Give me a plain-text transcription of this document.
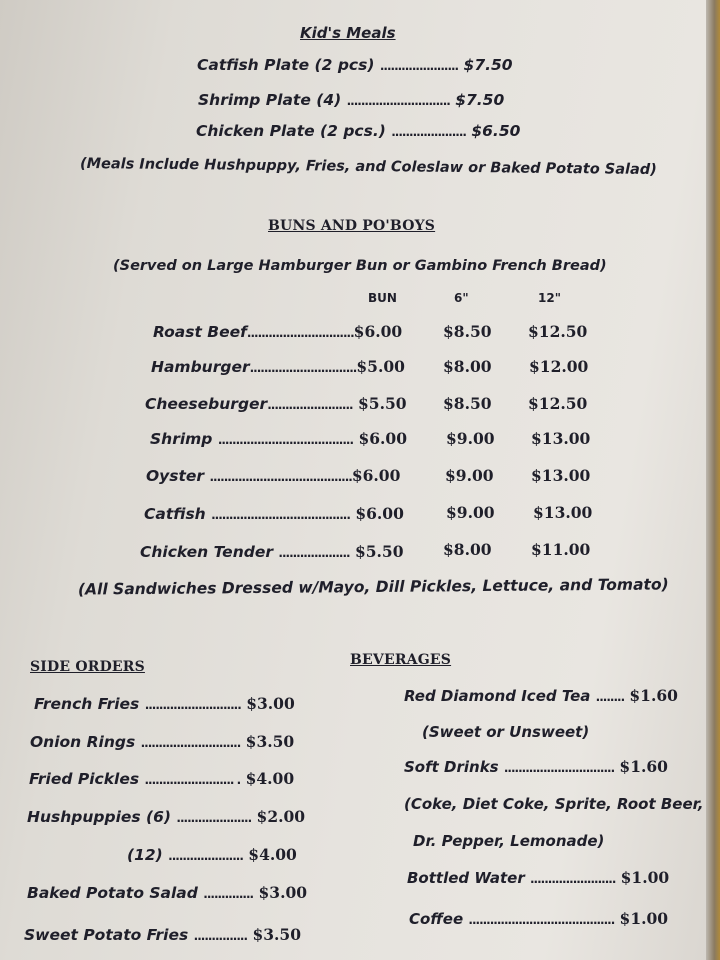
Kid's Meals
Catfish Plate (2 pcs) ...................... $7.50
Shrimp Plate (4) ............................. $7.50
Chicken Plate (2 pcs.) ..................... $6.50
(Meals Include Hushpuppy, Fries, and Coleslaw or Baked Potato Salad)
BUNS AND PO'BOYS
(Served on Large Hamburger Bun or Gambino French Bread)
BUN	6"	12"
Roast Beef..............................$6.00	$8.50 $12.50
Hamburger..............................$5.00 $8.00 $12.00
Cheeseburger........................ $5.50 $8.50 $12.50
Shrimp ...................................... $6.00	$9.00 $13.00
Oyster ........................................$6.00	$9.00 $13.00
Catfish ....................................... $6.00	$9.00 $13.00
Chicken Tender .................... $5.50	$8.00	$11.00
(All Sandwiches Dressed w/Mayo, Dill Pickles, Lettuce, and Tomato)
SIDE ORDERS
French Fries ........................... $3.00
Onion Rings ............................ $3.50
Fried Pickles ......................... . $4.00
Hushpuppies (6) ..................... $2.00
(12) ..................... $4.00
Baked Potato Salad .............. $3.00
Sweet Potato Fries ............... $3.50
BEVERAGES
Red Diamond Iced Tea ........ $1.60
(Sweet or Unsweet)
Soft Drinks ............................... $1.60
(Coke, Diet Coke, Sprite, Root Beer,
Dr. Pepper, Lemonade)
Bottled Water ........................ $1.00
Coffee ......................................... $1.00
